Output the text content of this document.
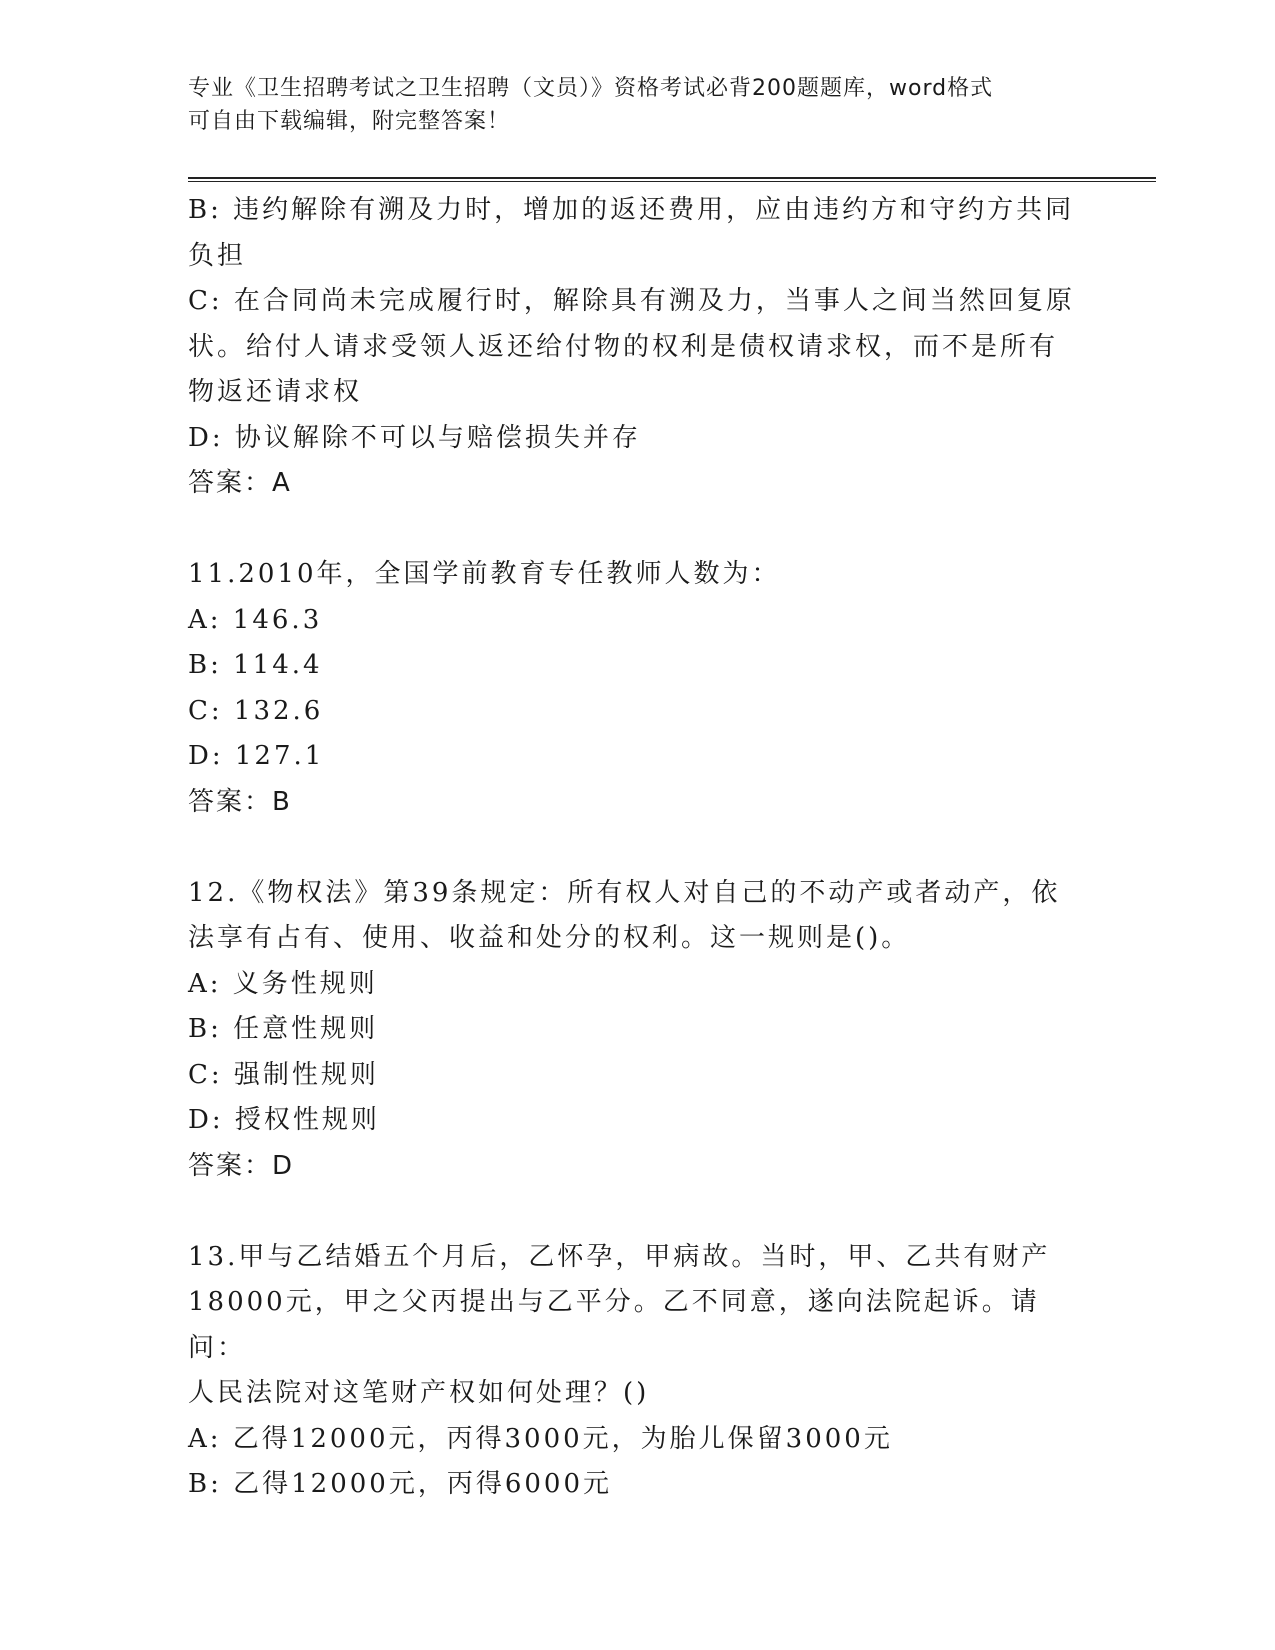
专业《卫生招聘考试之卫生招聘（文员）》资格考试必背200题题库，word格式
可自由下载编辑，附完整答案！
B: 违约解除有溯及力时，增加的返还费用，应由违约方和守约方共同
负担
C: 在合同尚未完成履行时，解除具有溯及力，当事人之间当然回复原
状。给付人请求受领人返还给付物的权利是债权请求权，而不是所有
物返还请求权
D: 协议解除不可以与赔偿损失并存
答案：A
11.2010年，全国学前教育专任教师人数为：
A: 146.3
B: 114.4
C: 132.6
D: 127.1
答案：B
12.《物权法》第39条规定：所有权人对自己的不动产或者动产，依
法享有占有、使用、收益和处分的权利。这一规则是()。
A: 义务性规则
B: 任意性规则
C: 强制性规则
D: 授权性规则
答案：D
13.甲与乙结婚五个月后，乙怀孕，甲病故。当时，甲、乙共有财产
18000元，甲之父丙提出与乙平分。乙不同意，遂向法院起诉。请问：
人民法院对这笔财产权如何处理？()
A: 乙得12000元，丙得3000元，为胎儿保留3000元
B: 乙得12000元，丙得6000元
